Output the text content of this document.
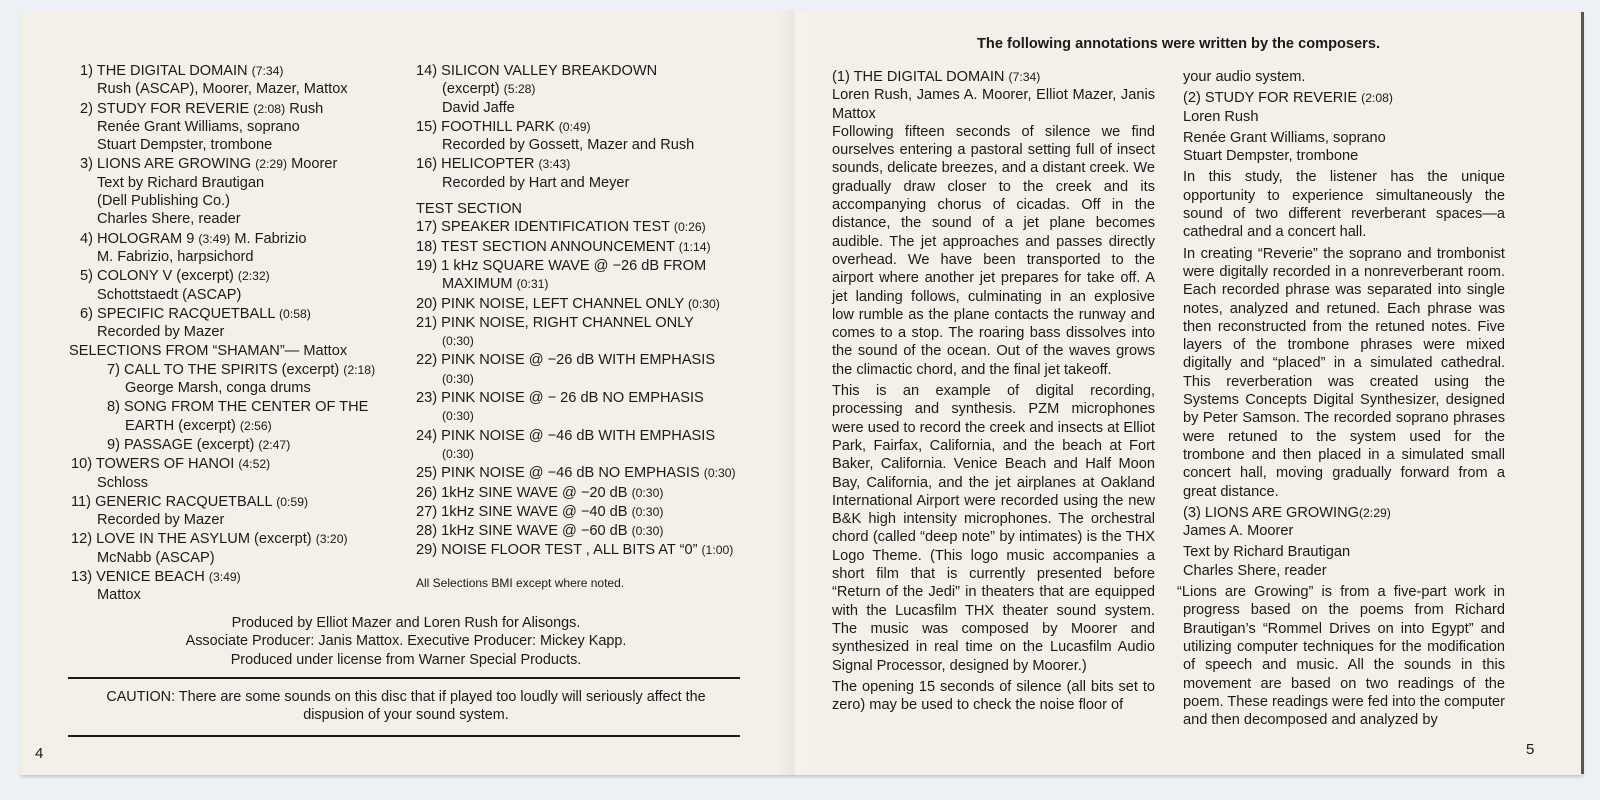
1) THE DIGITAL DOMAIN (7:34)
Rush (ASCAP), Moorer, Mazer, Mattox
2) STUDY FOR REVERIE (2:08) Rush
Renée Grant Williams, soprano
Stuart Dempster, trombone
3) LIONS ARE GROWING (2:29) Moorer
Text by Richard Brautigan
(Dell Publishing Co.)
Charles Shere, reader
4) HOLOGRAM 9 (3:49) M. Fabrizio
M. Fabrizio, harpsichord
5) COLONY V (excerpt) (2:32)
Schottstaedt (ASCAP)
6) SPECIFIC RACQUETBALL (0:58)
Recorded by Mazer
SELECTIONS FROM “SHAMAN”— Mattox
7) CALL TO THE SPIRITS (excerpt) (2:18)
George Marsh, conga drums
8) SONG FROM THE CENTER OF THE
EARTH (excerpt) (2:56)
9) PASSAGE (excerpt) (2:47)
10) TOWERS OF HANOI (4:52)
Schloss
11) GENERIC RACQUETBALL (0:59)
Recorded by Mazer
12) LOVE IN THE ASYLUM (excerpt) (3:20)
McNabb (ASCAP)
13) VENICE BEACH (3:49)
Mattox
14) SILICON VALLEY BREAKDOWN
(excerpt) (5:28)
David Jaffe
15) FOOTHILL PARK (0:49)
Recorded by Gossett, Mazer and Rush
16) HELICOPTER (3:43)
Recorded by Hart and Meyer
TEST SECTION
17) SPEAKER IDENTIFICATION TEST (0:26)
18) TEST SECTION ANNOUNCEMENT (1:14)
19) 1 kHz SQUARE WAVE @ −26 dB FROM
MAXIMUM (0:31)
20) PINK NOISE, LEFT CHANNEL ONLY (0:30)
21) PINK NOISE, RIGHT CHANNEL ONLY
(0:30)
22) PINK NOISE @ −26 dB WITH EMPHASIS
(0:30)
23) PINK NOISE @ − 26 dB NO EMPHASIS
(0:30)
24) PINK NOISE @ −46 dB WITH EMPHASIS
(0:30)
25) PINK NOISE @ −46 dB NO EMPHASIS (0:30)
26) 1kHz SINE WAVE @ −20 dB (0:30)
27) 1kHz SINE WAVE @ −40 dB (0:30)
28) 1kHz SINE WAVE @ −60 dB (0:30)
29) NOISE FLOOR TEST , ALL BITS AT “0” (1:00)
All Selections BMI except where noted.
Produced by Elliot Mazer and Loren Rush for Alisongs.
Associate Producer: Janis Mattox. Executive Producer: Mickey Kapp.
Produced under license from Warner Special Products.
CAUTION: There are some sounds on this disc that if played too loudly will seriously affect the
dispusion of your sound system.
4
The following annotations were written by the composers.
(1) THE DIGITAL DOMAIN (7:34)

Loren Rush, James A. Moorer, Elliot Mazer, Janis Mattox

Following fifteen seconds of silence we find ourselves entering a pastoral setting full of insect sounds, delicate breezes, and a distant creek. We gradually draw closer to the creek and its accompanying chorus of cicadas. Off in the distance, the sound of a jet plane becomes audible. The jet approaches and passes directly overhead. We have been transported to the airport where another jet prepares for take off. A jet landing follows, culminating in an explosive low rumble as the plane contacts the runway and comes to a stop. The roaring bass dissolves into the sound of the ocean. Out of the waves grows the climactic chord, and the final jet takeoff.

This is an example of digital recording, processing and synthesis. PZM microphones were used to record the creek and insects at Elliot Park, Fairfax, California, and the beach at Fort Baker, California. Venice Beach and Half Moon Bay, California, and the jet airplanes at Oakland International Airport were recorded using the new B&K high intensity microphones. The orchestral chord (called “deep note” by intimates) is the THX Logo Theme. (This logo music accompanies a short film that is currently presented before “Return of the Jedi” in theaters that are equipped with the Lucasfilm THX theater sound system. The music was composed by Moorer and synthesized in real time on the Lucasfilm Audio Signal Processor, designed by Moorer.)

The opening 15 seconds of silence (all bits set to zero) may be used to check the noise floor of

your audio system.

(2) STUDY FOR REVERIE (2:08)
Loren Rush
Renée Grant Williams, soprano
Stuart Dempster, trombone

In this study, the listener has the unique opportunity to experience simultaneously the sound of two different reverberant spaces—a cathedral and a concert hall.

In creating “Reverie” the soprano and trombonist were digitally recorded in a nonreverberant room. Each recorded phrase was separated into single notes, analyzed and retuned. Each phrase was then reconstructed from the retuned notes. Five layers of the trombone phrases were mixed digitally and “placed” in a simulated cathedral. This reverberation was created using the Systems Concepts Digital Synthesizer, designed by Peter Samson. The recorded soprano phrases were retuned to the system used for the trombone and then placed in a simulated small concert hall, moving gradually forward from a great distance.

(3) LIONS ARE GROWING(2:29)
James A. Moorer
Text by Richard Brautigan
Charles Shere, reader

“Lions are Growing” is from a five-part work in progress based on the poems from Richard Brautigan’s “Rommel Drives on into Egypt” and utilizing computer techniques for the modification of speech and music. All the sounds in this movement are based on two readings of the poem. These readings were fed into the computer and then decomposed and analyzed by

5
